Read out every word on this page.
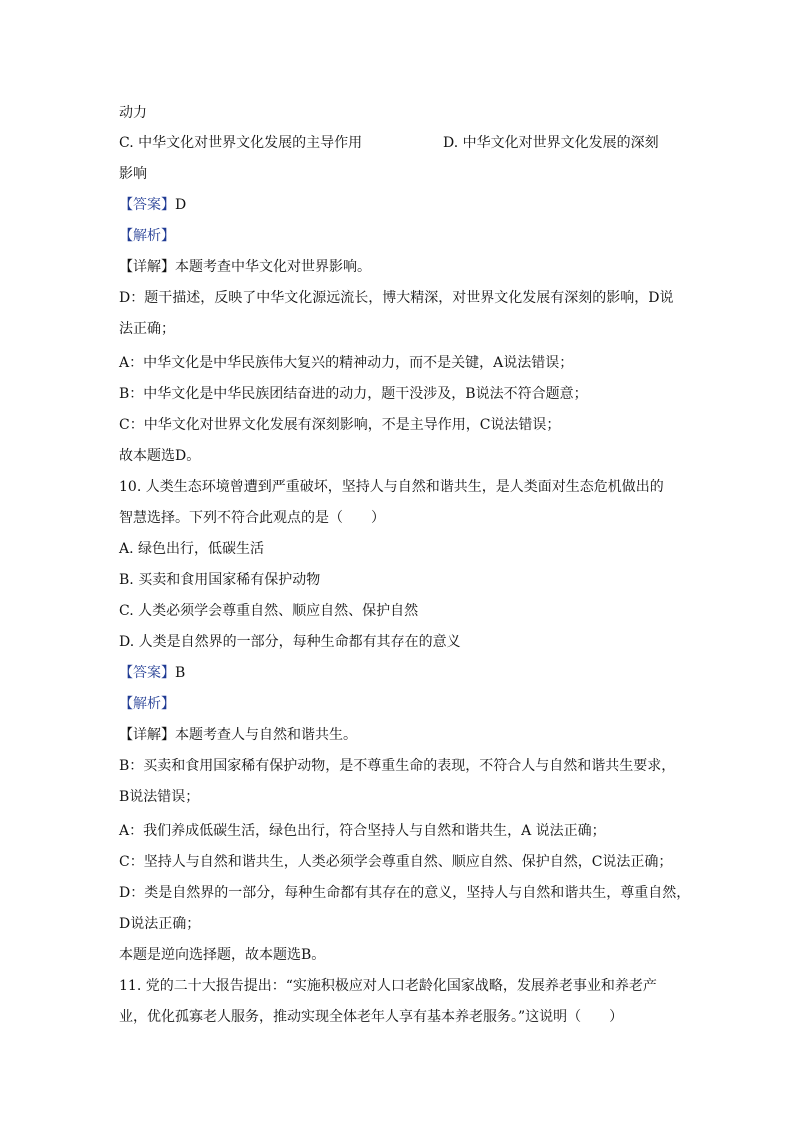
动力
C. 中华文化对世界文化发展的主导作用	D. 中华文化对世界文化发展的深刻
影响
【答案】D
【解析】
【详解】本题考查中华文化对世界影响。
D：题干描述，反映了中华文化源远流长，博大精深，对世界文化发展有深刻的影响，D说
法正确；
A：中华文化是中华民族伟大复兴的精神动力，而不是关键，A说法错误；
B：中华文化是中华民族团结奋进的动力，题干没涉及，B说法不符合题意；
C：中华文化对世界文化发展有深刻影响，不是主导作用，C说法错误；
故本题选D。
10. 人类生态环境曾遭到严重破坏，坚持人与自然和谐共生，是人类面对生态危机做出的
智慧选择。下列不符合此观点的是（　　）
A. 绿色出行，低碳生活
B. 买卖和食用国家稀有保护动物
C. 人类必须学会尊重自然、顺应自然、保护自然
D. 人类是自然界的一部分，每种生命都有其存在的意义
【答案】B
【解析】
【详解】本题考查人与自然和谐共生。
B：买卖和食用国家稀有保护动物，是不尊重生命的表现，不符合人与自然和谐共生要求，
B说法错误；
A：我们养成低碳生活，绿色出行，符合坚持人与自然和谐共生，A 说法正确；
C：坚持人与自然和谐共生，人类必须学会尊重自然、顺应自然、保护自然，C说法正确；
D：类是自然界的一部分，每种生命都有其存在的意义，坚持人与自然和谐共生，尊重自然，
D说法正确；
本题是逆向选择题，故本题选B。
11. 党的二十大报告提出：“实施积极应对人口老龄化国家战略，发展养老事业和养老产
业，优化孤寡老人服务，推动实现全体老年人享有基本养老服务。”这说明（　　）
